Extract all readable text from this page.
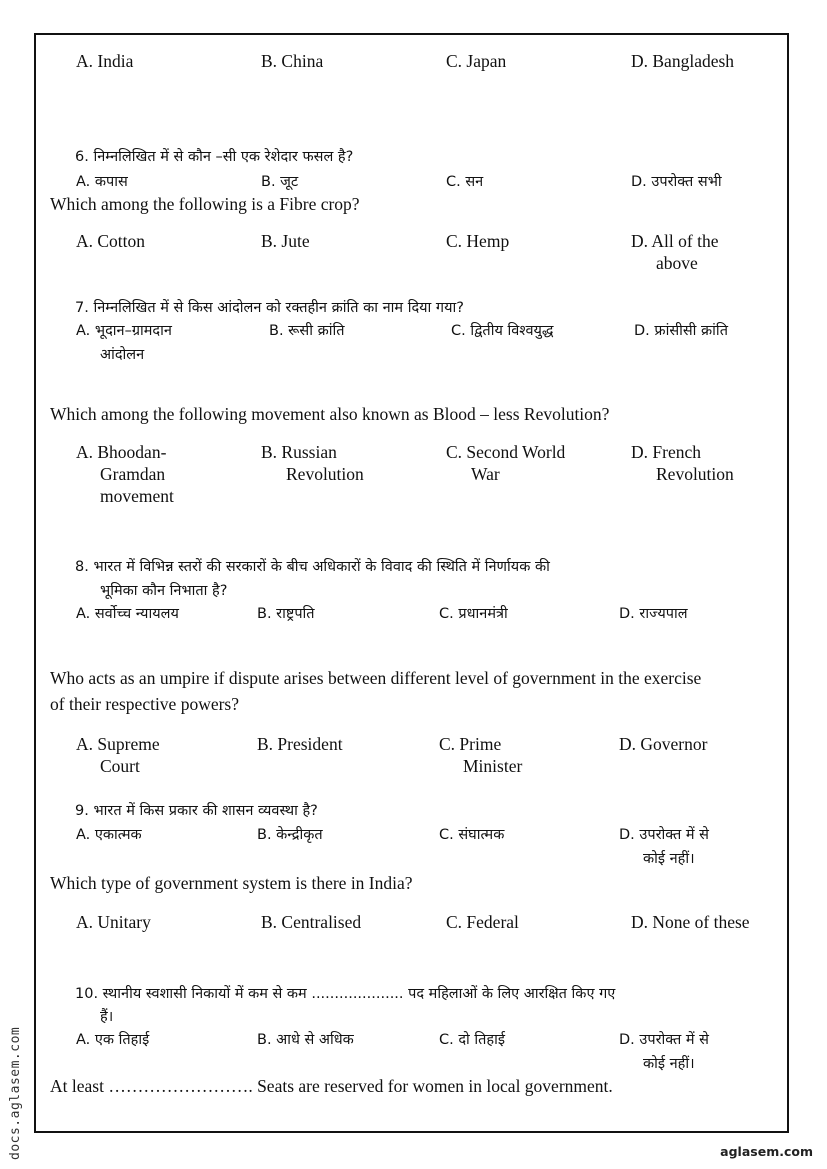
A. India	B. China	C. Japan	D. Bangladesh
6. निम्नलिखित में से कौन –सी एक रेशेदार फसल है?
A. कपास	B. जूट	C. सन	D. उपरोक्त सभी
Which among the following is a Fibre crop?
A. Cotton	B. Jute	C. Hemp	D. All of the
above
7. निम्नलिखित में से किस आंदोलन को रक्तहीन क्रांति का नाम दिया गया?
A. भूदान–ग्रामदान
आंदोलन
B. रूसी क्रांति	C. द्वितीय विश्वयुद्ध	D. फ्रांसीसी क्रांति
Which among the following movement also known as Blood – less Revolution?
A. Bhoodan-
Gramdan
movement
B. Russian
Revolution
C. Second World
War
D. French
Revolution
8. भारत में विभिन्न स्तरों की सरकारों के बीच अधिकारों के विवाद की स्थिति में निर्णायक की
भूमिका कौन निभाता है?
A. सर्वोच्च न्यायलय	B. राष्ट्रपति	C. प्रधानमंत्री	D. राज्यपाल
Who acts as an umpire if dispute arises between different level of government in the exercise
of their respective powers?
A. Supreme
Court
B. President	C. Prime
Minister
D. Governor
9. भारत में किस प्रकार की शासन व्यवस्था है?
A. एकात्मक	B. केन्द्रीकृत	C. संघात्मक	D. उपरोक्त में से
कोई नहीं।
Which type of government system is there in India?
A. Unitary	B. Centralised	C. Federal	D. None of these
10. स्थानीय स्वशासी निकायों में कम से कम .................... पद महिलाओं के लिए आरक्षित किए गए
हैं।
A. एक तिहाई	B. आधे से अधिक	C. दो तिहाई	D. उपरोक्त में से
कोई नहीं।
At least ……………………. Seats are reserved for women in local government.
docs.aglasem.com	aglasem.com
